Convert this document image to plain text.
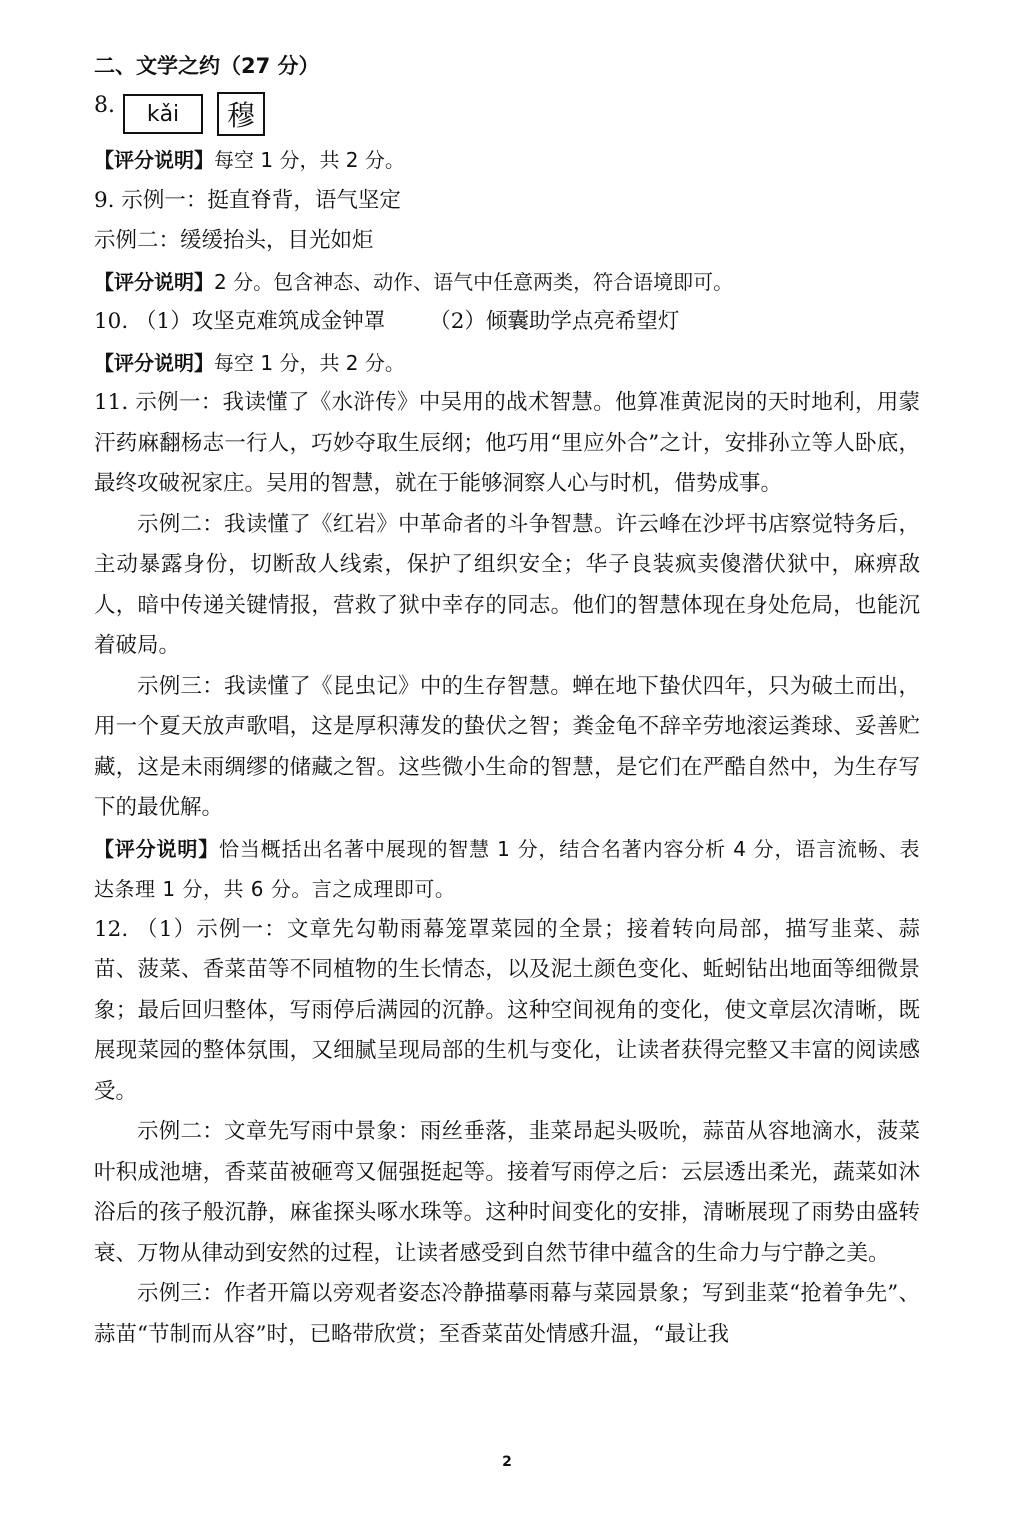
二、文学之约（27 分）
8.	kǎi	穆

【评分说明】每空 1 分，共 2 分。

9. 示例一：挺直脊背，语气坚定

示例二：缓缓抬头，目光如炬

【评分说明】2 分。包含神态、动作、语气中任意两类，符合语境即可。

10. （1）攻坚克难筑成金钟罩 （2）倾囊助学点亮希望灯

【评分说明】每空 1 分，共 2 分。

11. 示例一：我读懂了《水浒传》中吴用的战术智慧。他算准黄泥岗的天时地利，用蒙汗药麻翻杨志一行人，巧妙夺取生辰纲；他巧用“里应外合”之计，安排孙立等人卧底，最终攻破祝家庄。吴用的智慧，就在于能够洞察人心与时机，借势成事。

示例二：我读懂了《红岩》中革命者的斗争智慧。许云峰在沙坪书店察觉特务后，主动暴露身份，切断敌人线索，保护了组织安全；华子良装疯卖傻潜伏狱中，麻痹敌人，暗中传递关键情报，营救了狱中幸存的同志。他们的智慧体现在身处危局，也能沉着破局。

示例三：我读懂了《昆虫记》中的生存智慧。蝉在地下蛰伏四年，只为破土而出，用一个夏天放声歌唱，这是厚积薄发的蛰伏之智；粪金龟不辞辛劳地滚运粪球、妥善贮藏，这是未雨绸缪的储藏之智。这些微小生命的智慧，是它们在严酷自然中，为生存写下的最优解。

【评分说明】恰当概括出名著中展现的智慧 1 分，结合名著内容分析 4 分，语言流畅、表达条理 1 分，共 6 分。言之成理即可。

12. （1）示例一：文章先勾勒雨幕笼罩菜园的全景；接着转向局部，描写韭菜、蒜苗、菠菜、香菜苗等不同植物的生长情态，以及泥土颜色变化、蚯蚓钻出地面等细微景象；最后回归整体，写雨停后满园的沉静。这种空间视角的变化，使文章层次清晰，既展现菜园的整体氛围，又细腻呈现局部的生机与变化，让读者获得完整又丰富的阅读感受。

示例二：文章先写雨中景象：雨丝垂落，韭菜昂起头吸吮，蒜苗从容地滴水，菠菜叶积成池塘，香菜苗被砸弯又倔强挺起等。接着写雨停之后：云层透出柔光，蔬菜如沐浴后的孩子般沉静，麻雀探头啄水珠等。这种时间变化的安排，清晰展现了雨势由盛转衰、万物从律动到安然的过程，让读者感受到自然节律中蕴含的生命力与宁静之美。

示例三：作者开篇以旁观者姿态冷静描摹雨幕与菜园景象；写到韭菜“抢着争先”、蒜苗“节制而从容”时，已略带欣赏；至香菜苗处情感升温，“最让我

2
